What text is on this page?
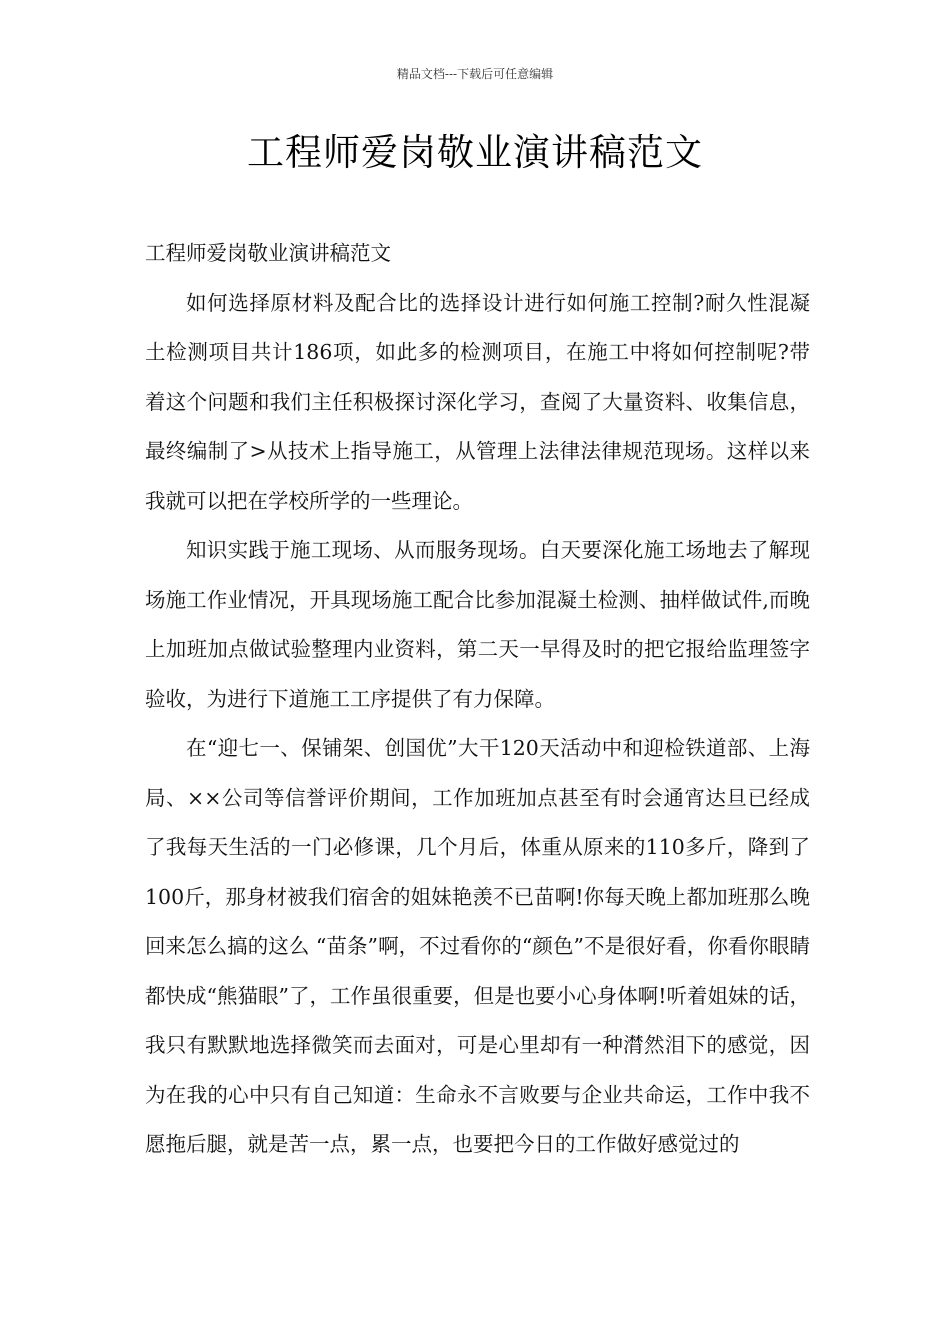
精品文档---下载后可任意编辑
工程师爱岗敬业演讲稿范文

工程师爱岗敬业演讲稿范文

如何选择原材料及配合比的选择设计进行如何施工控制?耐久性混凝土检测项目共计186项，如此多的检测项目，在施工中将如何控制呢?带着这个问题和我们主任积极探讨深化学习，查阅了大量资料、收集信息，最终编制了>从技术上指导施工，从管理上法律法律规范现场。这样以来我就可以把在学校所学的一些理论。

知识实践于施工现场、从而服务现场。白天要深化施工场地去了解现场施工作业情况，开具现场施工配合比参加混凝土检测、抽样做试件,而晚上加班加点做试验整理内业资料，第二天一早得及时的把它报给监理签字验收，为进行下道施工工序提供了有力保障。

在“迎七一、保铺架、创国优”大干120天活动中和迎检铁道部、上海局、××公司等信誉评价期间，工作加班加点甚至有时会通宵达旦已经成了我每天生活的一门必修课，几个月后，体重从原来的110多斤，降到了100斤，那身材被我们宿舍的姐妹艳羡不已苗啊!你每天晚上都加班那么晚回来怎么搞的这么 “苗条”啊，不过看你的“颜色”不是很好看，你看你眼睛都快成“熊猫眼”了，工作虽很重要，但是也要小心身体啊!听着姐妹的话，我只有默默地选择微笑而去面对，可是心里却有一种潸然泪下的感觉，因为在我的心中只有自己知道：生命永不言败要与企业共命运，工作中我不愿拖后腿，就是苦一点，累一点，也要把今日的工作做好感觉过的
